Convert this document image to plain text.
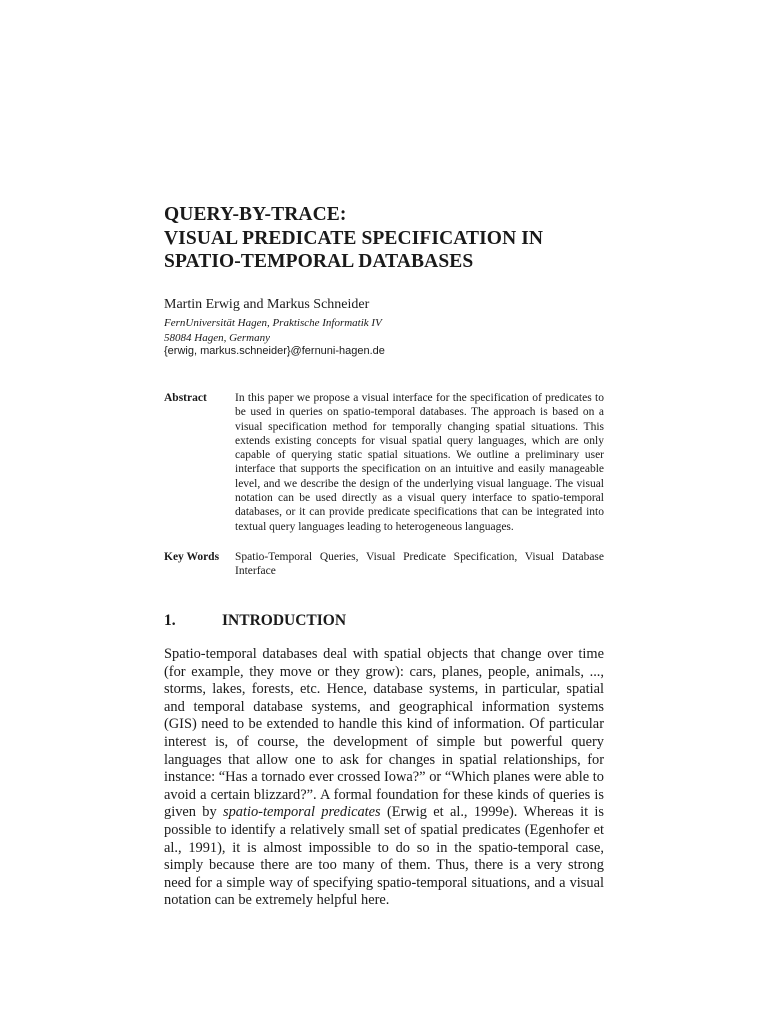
QUERY-BY-TRACE:
VISUAL PREDICATE SPECIFICATION IN
SPATIO-TEMPORAL DATABASES
Martin Erwig and Markus Schneider
FernUniversität Hagen, Praktische Informatik IV
58084 Hagen, Germany
{erwig, markus.schneider}@fernuni-hagen.de
Abstract In this paper we propose a visual interface for the specification of predicates to be used in queries on spatio-temporal databases. The approach is based on a visual specification method for temporally changing spatial situations. This extends existing concepts for visual spatial query languages, which are only capable of querying static spatial situations. We outline a preliminary user interface that supports the specification on an intuitive and easily manageable level, and we describe the design of the underlying visual language. The visual notation can be used directly as a visual query interface to spatio-temporal databases, or it can provide predicate specifications that can be integrated into textual query languages leading to heterogeneous languages.

Key Words Spatio-Temporal Queries, Visual Predicate Specification, Visual Database Interface

1.	INTRODUCTION

Spatio-temporal databases deal with spatial objects that change over time (for example, they move or they grow): cars, planes, people, animals, ..., storms, lakes, forests, etc. Hence, database systems, in particular, spatial and temporal database systems, and geographical information systems (GIS) need to be extended to handle this kind of information. Of particular interest is, of course, the development of simple but powerful query languages that allow one to ask for changes in spatial relationships, for instance: “Has a tornado ever crossed Iowa?” or “Which planes were able to avoid a certain blizzard?”. A formal foundation for these kinds of queries is given by spatio-temporal predicates (Erwig et al., 1999e). Whereas it is possible to identify a relatively small set of spatial predicates (Egenhofer et al., 1991), it is almost impossible to do so in the spatio-temporal case, simply because there are too many of them. Thus, there is a very strong need for a simple way of specifying spatio-temporal situations, and a visual notation can be extremely helpful here.
